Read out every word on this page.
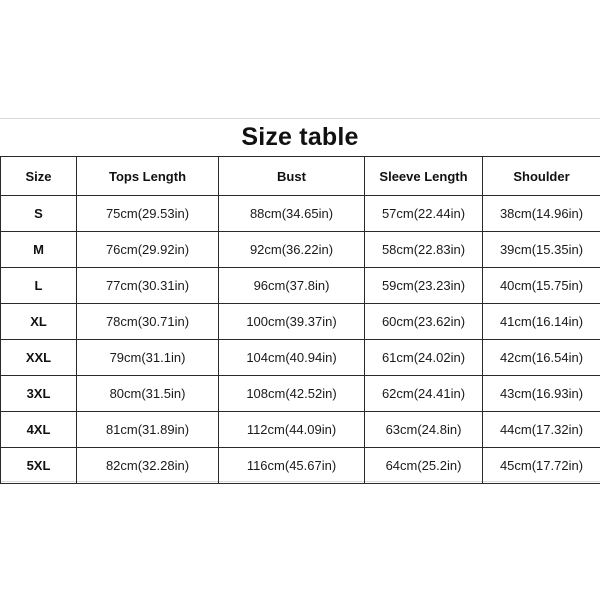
Size table
Size	Tops Length	Bust	Sleeve Length	Shoulder
S	75cm(29.53in)	88cm(34.65in)	57cm(22.44in)	38cm(14.96in)
M	76cm(29.92in)	92cm(36.22in)	58cm(22.83in)	39cm(15.35in)
L	77cm(30.31in)	96cm(37.8in)	59cm(23.23in)	40cm(15.75in)
XL	78cm(30.71in)	100cm(39.37in)	60cm(23.62in)	41cm(16.14in)
XXL	79cm(31.1in)	104cm(40.94in)	61cm(24.02in)	42cm(16.54in)
3XL	80cm(31.5in)	108cm(42.52in)	62cm(24.41in)	43cm(16.93in)
4XL	81cm(31.89in)	112cm(44.09in)	63cm(24.8in)	44cm(17.32in)
5XL	82cm(32.28in)	116cm(45.67in)	64cm(25.2in)	45cm(17.72in)
